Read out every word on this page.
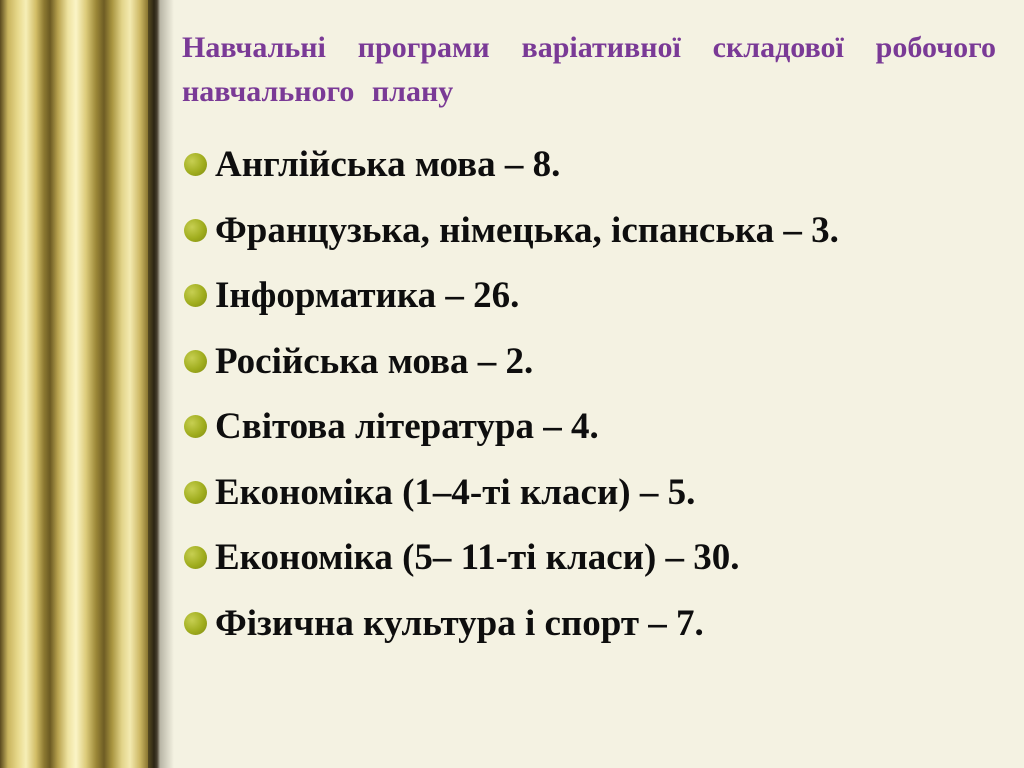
Навчальні програми варіативної складової робочого навчального плану
Англійська мова – 8.
Французька, німецька, іспанська – 3.
Інформатика – 26.
Російська мова – 2.
Світова література – 4.
Економіка (1–4-ті класи) – 5.
Економіка (5– 11-ті класи) – 30.
Фізична культура і спорт – 7.
